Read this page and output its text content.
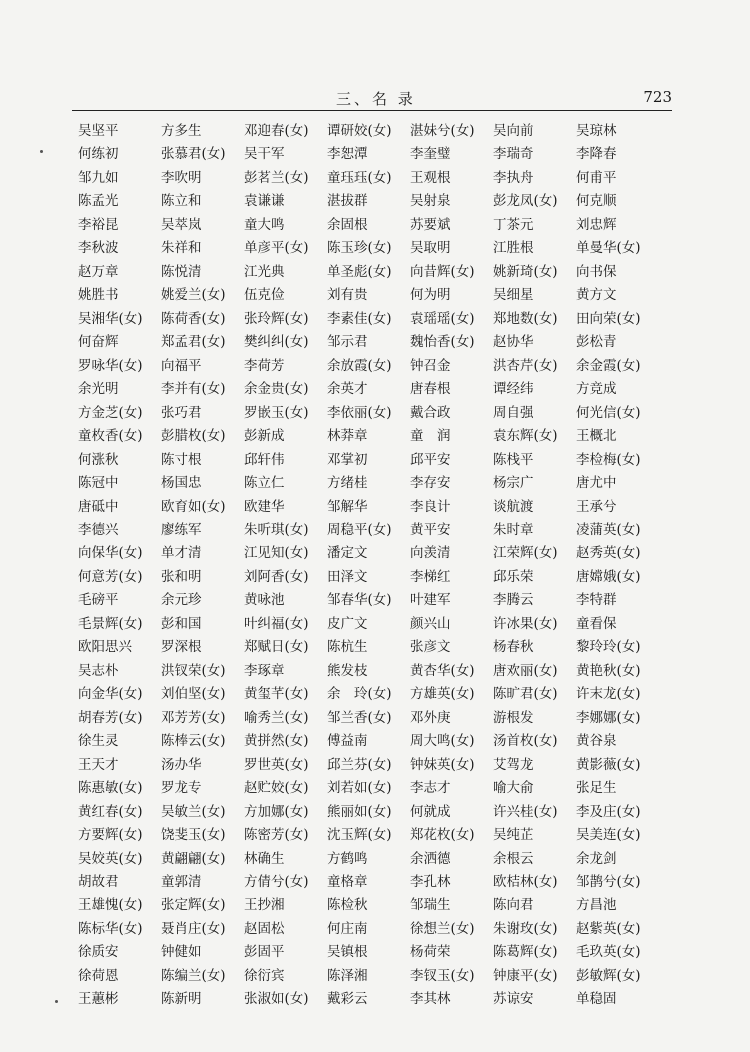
三、名 录	723
吴坚平	方多生	邓迎春(女) 谭研姣(女) 湛妹兮(女) 吴向前	吴琼林
何练初	张慕君(女) 吴干军	李恕潭	李奎璧	李瑞奇	李降春
邹九如	李吹明	彭茗兰(女) 童珏珏(女) 王观根	李执舟	何甫平
陈孟光	陈立和	袁谦谦	湛拔群	吴射泉	彭龙凤(女) 何克顺
李裕昆	吴萃岚	童大鸣	余固根	苏要斌	丁茶元	刘忠辉
李秋波	朱祥和	单彦平(女) 陈玉珍(女) 吴取明	江胜根	单曼华(女)
赵万章	陈悦清	江光典	单圣彪(女) 向昔辉(女) 姚新琦(女) 向书保
姚胜书	姚爱兰(女) 伍克俭	刘有贵	何为明	吴细星	黄方文
吴湘华(女) 陈荷香(女) 张玲辉(女) 李素佳(女) 袁瑶瑶(女) 郑地数(女) 田向荣(女)
何奋辉	郑孟君(女) 樊纠纠(女) 邹示君	魏怡香(女) 赵协华	彭松青
罗咏华(女) 向福平	李荷芳	余放霞(女) 钟召金	洪杏芹(女) 余金霞(女)
余光明	李并有(女) 余金贵(女) 余英才	唐春根	谭经纬	方竞成
方金芝(女) 张巧君	罗嵌玉(女) 李依丽(女) 戴合政	周自强	何光信(女)
童枚香(女) 彭腊枚(女) 彭新成	林莽章	童　润	袁东辉(女) 王概北
何涨秋	陈寸根	邱轩伟	邓掌初	邱平安	陈栈平	李检梅(女)
陈冠中	杨国忠	陈立仁	方绪桂	李存安	杨宗广	唐尤中
唐砥中	欧育如(女) 欧建华	邹解华	李良计	谈航渡	王承兮
李德兴	廖练军	朱听琪(女) 周稳平(女) 黄平安	朱时章	凌蒲英(女)
向保华(女) 单才清	江见知(女) 潘定文	向羡清	江荣辉(女) 赵秀英(女)
何意芳(女) 张和明	刘阿香(女) 田泽文	李梯红	邱乐荣	唐嫦娥(女)
毛磅平	余元珍	黄咏池	邹春华(女) 叶建军	李腾云	李特群
毛景辉(女) 彭和国	叶纠福(女) 皮广文	颜兴山	许冰果(女) 童看保
欧阳思兴 罗深根	郑赋日(女) 陈杭生	张彦文	杨春秋	黎玲玲(女)
吴志朴	洪钗荣(女) 李琢章	熊发枝	黄杏华(女) 唐欢丽(女) 黄艳秋(女)
向金华(女) 刘伯坚(女) 黄玺芊(女) 余　玲(女) 方雄英(女) 陈旷君(女) 许末龙(女)
胡春芳(女) 邓芳芳(女) 喻秀兰(女) 邹兰香(女) 邓外庚	游根发	李娜娜(女)
徐生灵	陈棒云(女) 黄拼然(女) 傅益南	周大鸣(女) 汤首枚(女) 黄谷泉
王天才	汤办华	罗世英(女) 邱兰芬(女) 钟妹英(女) 艾驾龙	黄影薇(女)
陈惠敏(女) 罗龙专	赵贮姣(女) 刘若如(女) 李志才	喻大俞	张足生
黄红春(女) 吴敏兰(女) 方加娜(女) 熊丽如(女) 何就成	许兴桂(女) 李及庄(女)
方要辉(女) 饶斐玉(女) 陈密芳(女) 沈玉辉(女) 郑花枚(女) 吴纯芷	吴美连(女)
吴姣英(女) 黄翩翩(女) 林确生	方鹤鸣	余洒德	余根云	余龙剑
胡故君	童郭清	方倩兮(女) 童格章	李孔林	欧桔林(女) 邹鹊兮(女)
王雄愧(女) 张定辉(女) 王抄湘	陈检秋	邹瑞生	陈向君	方昌池
陈标华(女) 聂肖庄(女) 赵固松	何庄南	徐想兰(女) 朱谢玫(女) 赵紫英(女)
徐质安	钟健如	彭固平	吴镇根	杨荷荣	陈葛辉(女) 毛玖英(女)
徐荷恩	陈编兰(女) 徐衍宾	陈泽湘	李钗玉(女) 钟康平(女) 彭敏辉(女)
王蕙彬	陈新明	张淑如(女) 戴彩云	李其林	苏谅安	单稳固
